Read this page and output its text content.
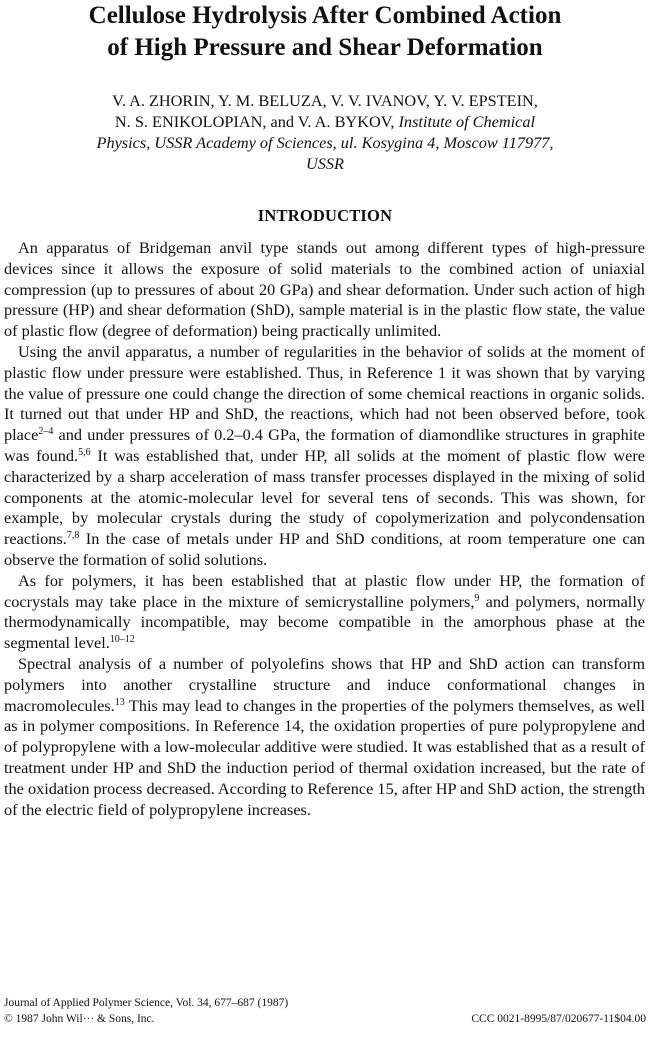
Cellulose Hydrolysis After Combined Action
of High Pressure and Shear Deformation
V. A. ZHORIN, Y. M. BELUZA, V. V. IVANOV, Y. V. EPSTEIN,
N. S. ENIKOLOPIAN, and V. A. BYKOV, Institute of Chemical
Physics, USSR Academy of Sciences, ul. Kosygina 4, Moscow 117977,
USSR
INTRODUCTION

An apparatus of Bridgeman anvil type stands out among different types of high-pressure devices since it allows the exposure of solid materials to the combined action of uniaxial compression (up to pressures of about 20 GPa) and shear deformation. Under such action of high pressure (HP) and shear deformation (ShD), sample material is in the plastic flow state, the value of plastic flow (degree of deformation) being practically unlimited.

Using the anvil apparatus, a number of regularities in the behavior of solids at the moment of plastic flow under pressure were established. Thus, in Reference 1 it was shown that by varying the value of pressure one could change the direction of some chemical reactions in organic solids. It turned out that under HP and ShD, the reactions, which had not been observed before, took place$^{2-4}$ and under pressures of 0.2–0.4 GPa, the formation of diamondlike structures in graphite was found.$^{5,6}$ It was established that, under HP, all solids at the moment of plastic flow were characterized by a sharp acceleration of mass transfer processes displayed in the mixing of solid components at the atomic-molecular level for several tens of seconds. This was shown, for example, by molecular crystals during the study of copolymerization and polycondensation reactions.$^{7,8}$ In the case of metals under HP and ShD conditions, at room temperature one can observe the formation of solid solutions.

As for polymers, it has been established that at plastic flow under HP, the formation of cocrystals may take place in the mixture of semicrystalline polymers,$^9$ and polymers, normally thermodynamically incompatible, may become compatible in the amorphous phase at the segmental level.$^{10-12}$

Spectral analysis of a number of polyolefins shows that HP and ShD action can transform polymers into another crystalline structure and induce conformational changes in macromolecules.$^{13}$ This may lead to changes in the properties of the polymers themselves, as well as in polymer compositions. In Reference 14, the oxidation properties of pure polypropylene and of polypropylene with a low-molecular additive were studied. It was established that as a result of treatment under HP and ShD the induction period of thermal oxidation increased, but the rate of the oxidation process decreased. According to Reference 15, after HP and ShD action, the strength of the electric field of polypropylene increases.

Journal of Applied Polymer Science, Vol. 34, 677–687 (1987)
© 1987 John Wil··· & Sons, Inc.	CCC 0021-8995/87/020677-11$04.00
